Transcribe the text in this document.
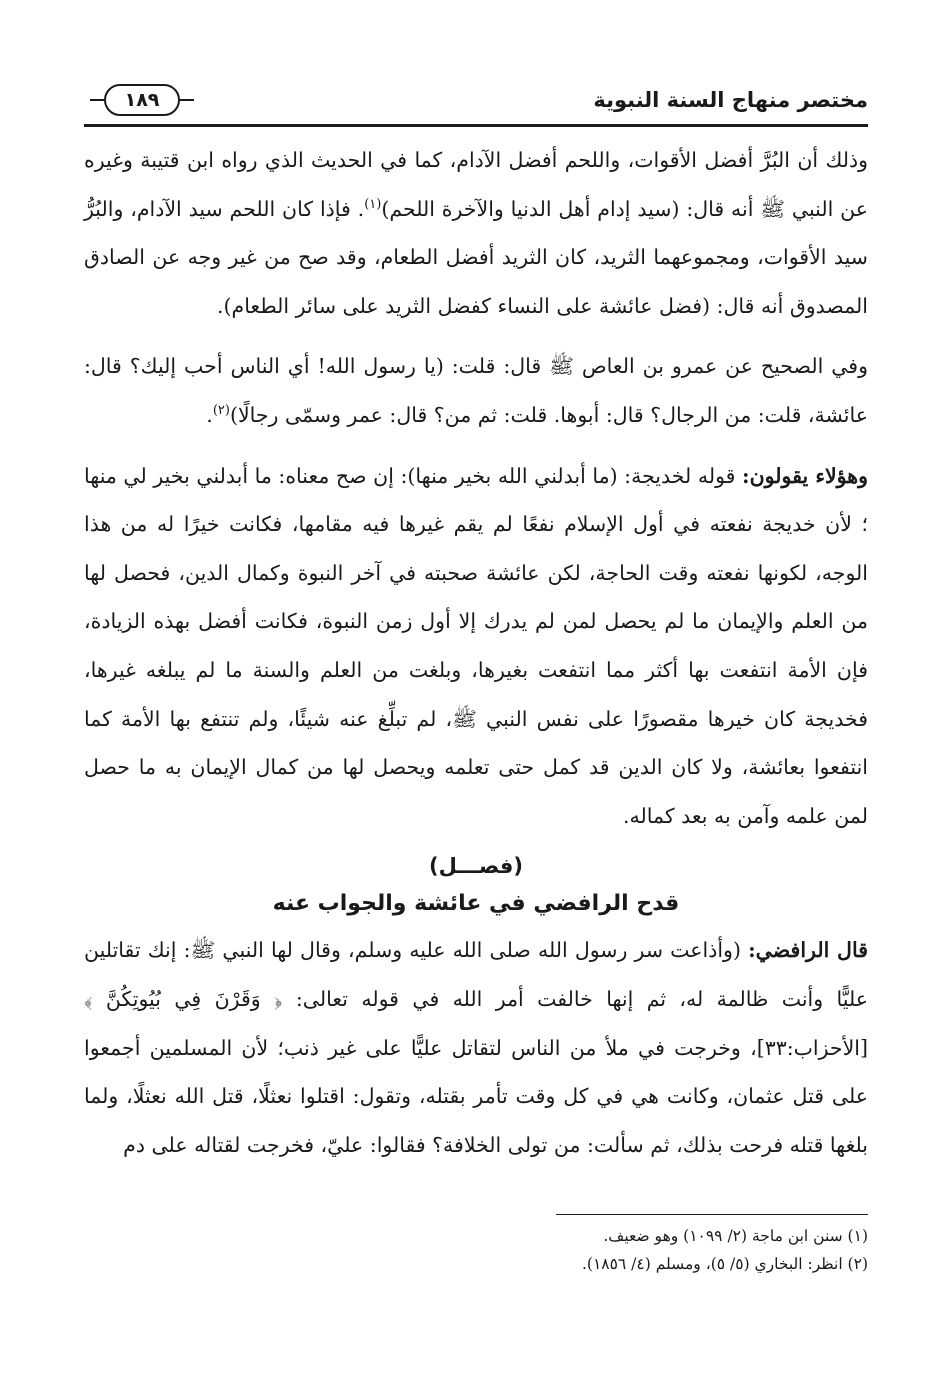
مختصر منهاج السنة النبوية
١٨٩

وذلك أن البُرَّ أفضل الأقوات، واللحم أفضل الآدام، كما في الحديث الذي رواه ابن قتيبة وغيره عن النبي ﷺ أنه قال: (سيد إدام أهل الدنيا والآخرة اللحم)$^{(١)}$. فإذا كان اللحم سيد الآدام، والبُرُّ سيد الأقوات، ومجموعهما الثريد، كان الثريد أفضل الطعام، وقد صح من غير وجه عن الصادق المصدوق أنه قال: (فضل عائشة على النساء كفضل الثريد على سائر الطعام).

وفي الصحيح عن عمرو بن العاص ﷺ قال: قلت: (يا رسول الله! أي الناس أحب إليك؟ قال: عائشة، قلت: من الرجال؟ قال: أبوها. قلت: ثم من؟ قال: عمر وسمّى رجالًا)$^{(٢)}$.

وهؤلاء يقولون: قوله لخديجة: (ما أبدلني الله بخير منها): إن صح معناه: ما أبدلني بخير لي منها ؛ لأن خديجة نفعته في أول الإسلام نفعًا لم يقم غيرها فيه مقامها، فكانت خيرًا له من هذا الوجه، لكونها نفعته وقت الحاجة، لكن عائشة صحبته في آخر النبوة وكمال الدين، فحصل لها من العلم والإيمان ما لم يحصل لمن لم يدرك إلا أول زمن النبوة، فكانت أفضل بهذه الزيادة، فإن الأمة انتفعت بها أكثر مما انتفعت بغيرها، وبلغت من العلم والسنة ما لم يبلغه غيرها، فخديجة كان خيرها مقصورًا على نفس النبي ﷺ، لم تبلِّغ عنه شيئًا، ولم تنتفع بها الأمة كما انتفعوا بعائشة، ولا كان الدين قد كمل حتى تعلمه ويحصل لها من كمال الإيمان به ما حصل لمن علمه وآمن به بعد كماله.

(فصـــل)
قدح الرافضي في عائشة والجواب عنه

قال الرافضي: (وأذاعت سر رسول الله صلى الله عليه وسلم، وقال لها النبي ﷺ: إنك تقاتلين عليًّا وأنت ظالمة له، ثم إنها خالفت أمر الله في قوله تعالى: ﴿ وَقَرْنَ فِي بُيُوتِكُنَّ ﴾ [الأحزاب:٣٣]، وخرجت في ملأ من الناس لتقاتل عليًّا على غير ذنب؛ لأن المسلمين أجمعوا على قتل عثمان، وكانت هي في كل وقت تأمر بقتله، وتقول: اقتلوا نعثلًا، قتل الله نعثلًا، ولما بلغها قتله فرحت بذلك، ثم سألت: من تولى الخلافة؟ فقالوا: عليّ، فخرجت لقتاله على دم

(١) سنن ابن ماجة (٢/ ١٠٩٩) وهو ضعيف.

(٢) انظر: البخاري (٥/ ٥)، ومسلم (٤/ ١٨٥٦).
